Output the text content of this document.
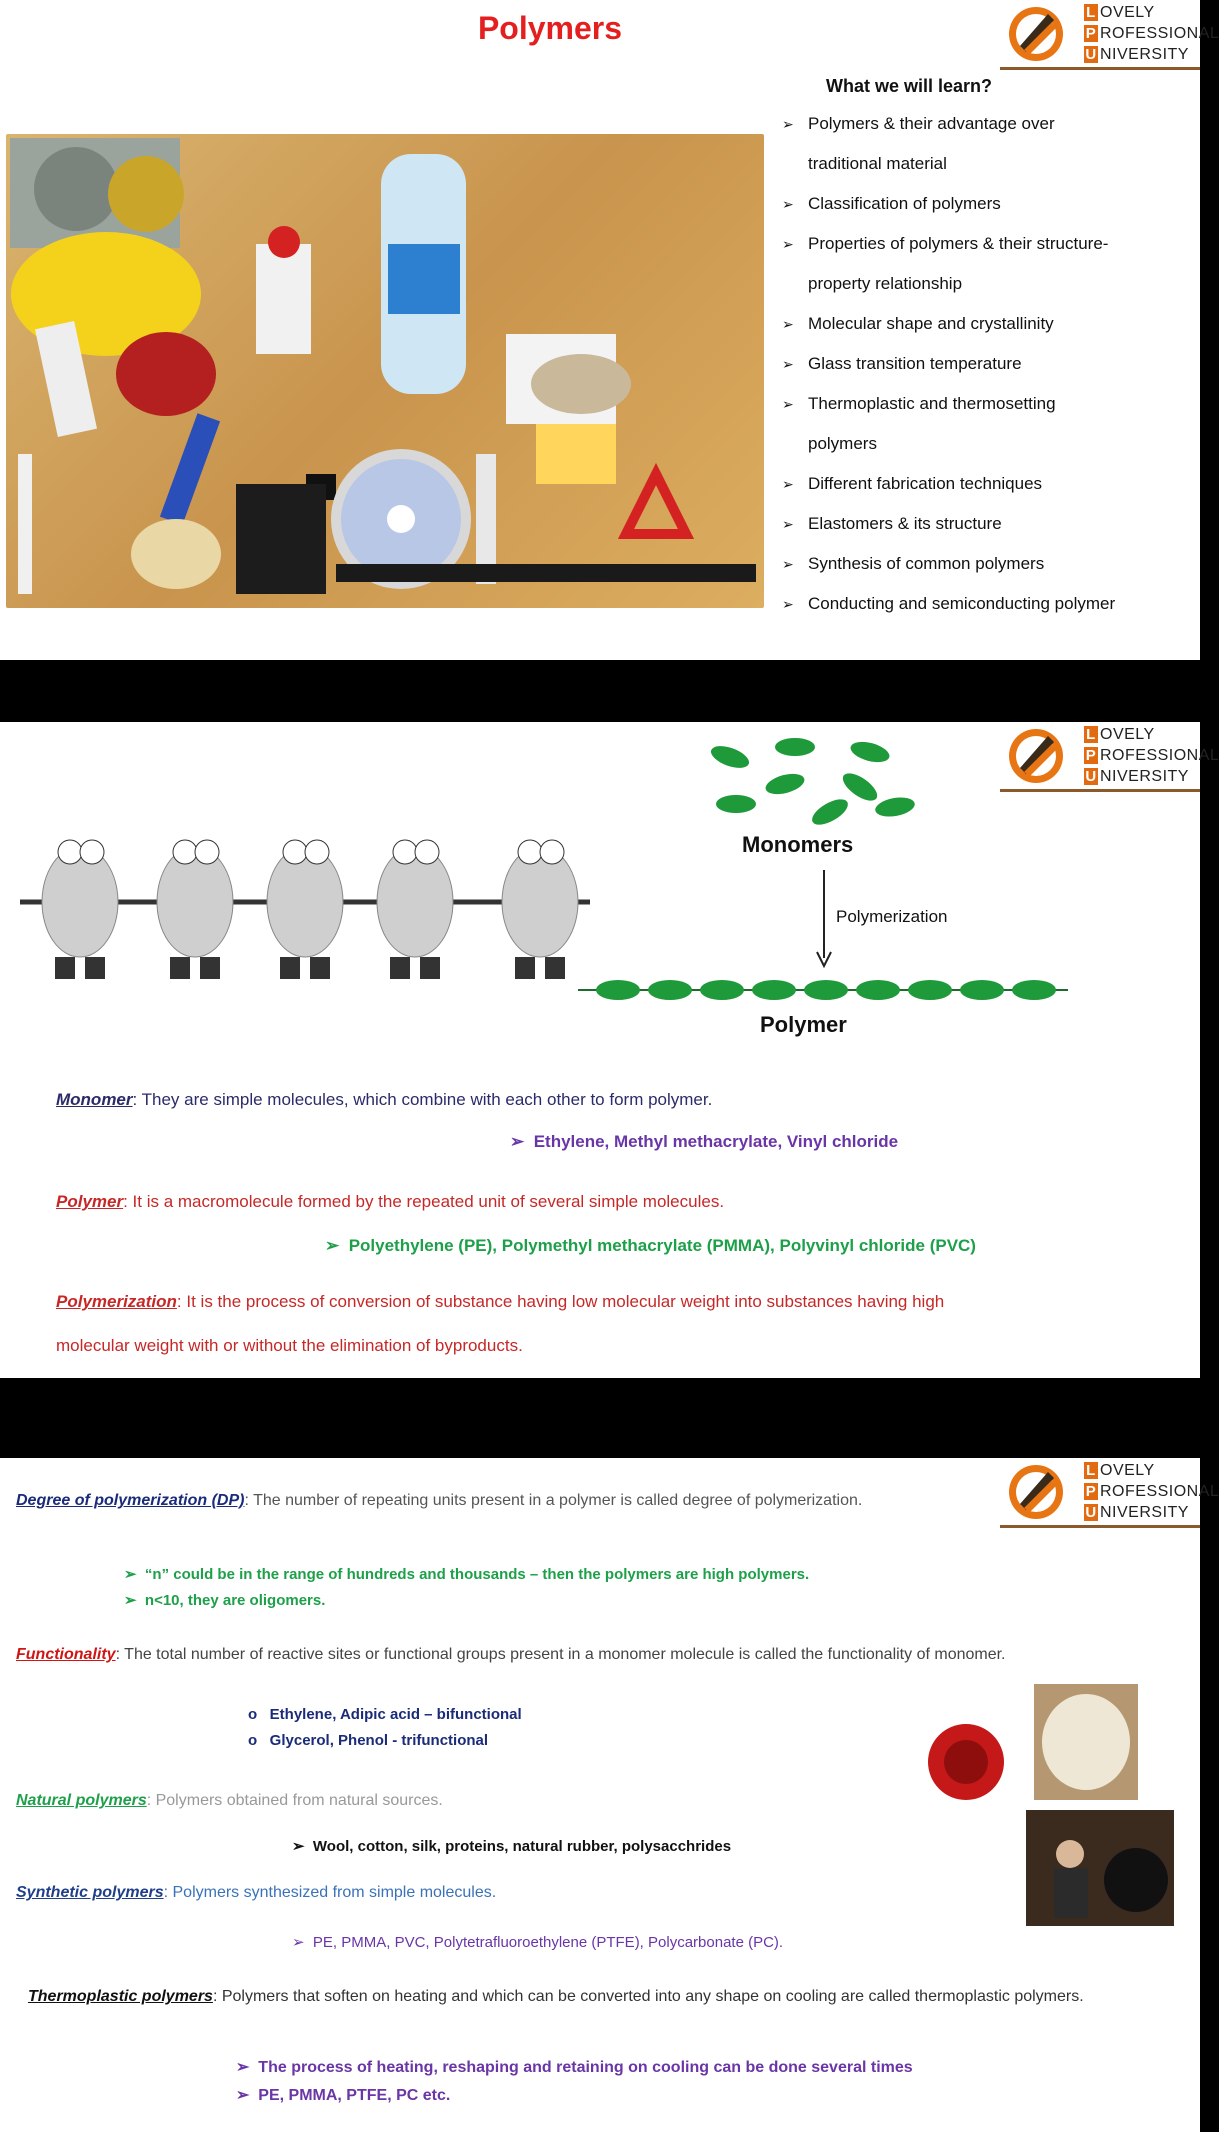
Polymers	L OVELY
P ROFESSIONAL
U NIVERSITY
What we will learn?
➢ Polymers & their advantage over
traditional material
➢ Classification of polymers
➢ Properties of polymers & their structure-
property relationship
➢ Molecular shape and crystallinity
➢ Glass transition temperature
➢ Thermoplastic and thermosetting
polymers
➢ Different fabrication techniques
➢ Elastomers & its structure
➢ Synthesis of common polymers
➢ Conducting and semiconducting polymer
L OVELY
P ROFESSIONAL
U NIVERSITY
Monomers
Polymerization
Polymer
Monomer: They are simple molecules, which combine with each other to form polymer.
➢  Ethylene, Methyl methacrylate, Vinyl chloride
Polymer: It is a macromolecule formed by the repeated unit of several simple molecules.
➢  Polyethylene (PE), Polymethyl methacrylate (PMMA), Polyvinyl chloride (PVC)
Polymerization: It is the process of conversion of substance having low molecular weight into substances having high
molecular weight with or without the elimination of byproducts.
L OVELY
P ROFESSIONAL
U NIVERSITY
Degree of polymerization (DP): The number of repeating units present in a polymer is called degree of polymerization.
➢  “n” could be in the range of hundreds and thousands – then the polymers are high polymers.
➢  n<10, they are oligomers.
Functionality: The total number of reactive sites or functional groups present in a monomer molecule is called the functionality of monomer.
o   Ethylene, Adipic acid – bifunctional
o   Glycerol, Phenol - trifunctional
Natural polymers: Polymers obtained from natural sources.
➢  Wool, cotton, silk, proteins, natural rubber, polysacchrides
Synthetic polymers: Polymers synthesized from simple molecules.
➢  PE, PMMA, PVC, Polytetrafluoroethylene (PTFE), Polycarbonate (PC).
Thermoplastic polymers: Polymers that soften on heating and which can be converted into any shape on cooling are called thermoplastic polymers.
➢  The process of heating, reshaping and retaining on cooling can be done several times
➢  PE, PMMA, PTFE, PC etc.
